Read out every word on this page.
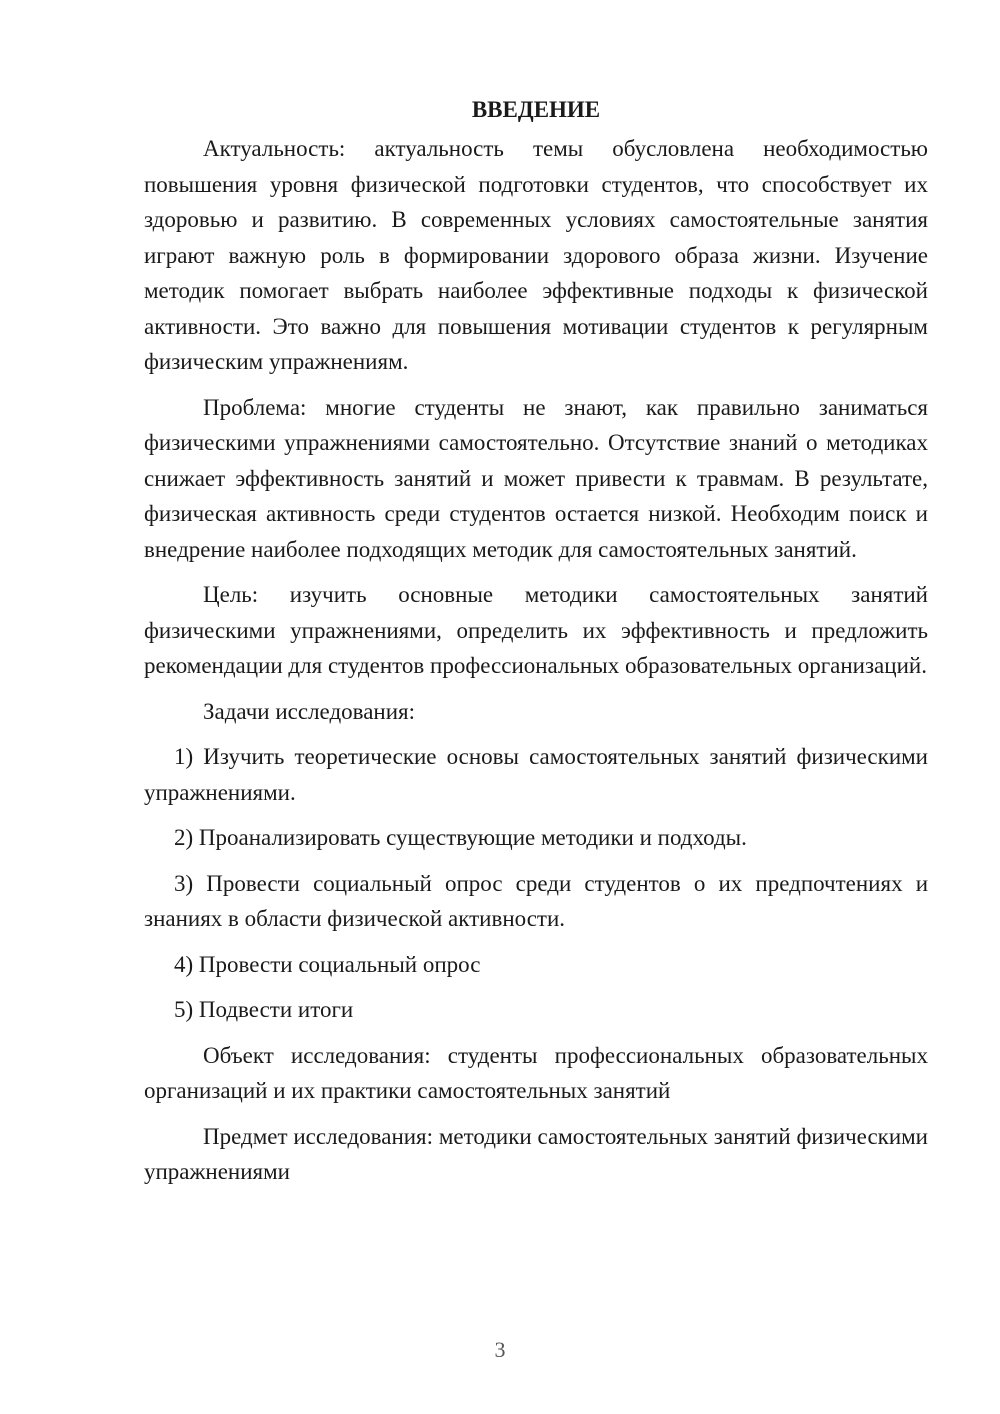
ВВЕДЕНИЕ

Актуальность: актуальность темы обусловлена необходимостью повышения уровня физической подготовки студентов, что способствует их здоровью и развитию. В современных условиях самостоятельные занятия играют важную роль в формировании здорового образа жизни. Изучение методик помогает выбрать наиболее эффективные подходы к физической активности. Это важно для повышения мотивации студентов к регулярным физическим упражнениям.

Проблема: многие студенты не знают, как правильно заниматься физическими упражнениями самостоятельно. Отсутствие знаний о методиках снижает эффективность занятий и может привести к травмам. В результате, физическая активность среди студентов остается низкой. Необходим поиск и внедрение наиболее подходящих методик для самостоятельных занятий.

Цель: изучить основные методики самостоятельных занятий физическими упражнениями, определить их эффективность и предложить рекомендации для студентов профессиональных образовательных организаций.

Задачи исследования:

1) Изучить теоретические основы самостоятельных занятий физическими упражнениями.

2) Проанализировать существующие методики и подходы.

3) Провести социальный опрос среди студентов о их предпочтениях и знаниях в области физической активности.

4) Провести социальный опрос

5) Подвести итоги

Объект исследования: студенты профессиональных образовательных организаций и их практики самостоятельных занятий

Предмет исследования: методики самостоятельных занятий физическими упражнениями

3
